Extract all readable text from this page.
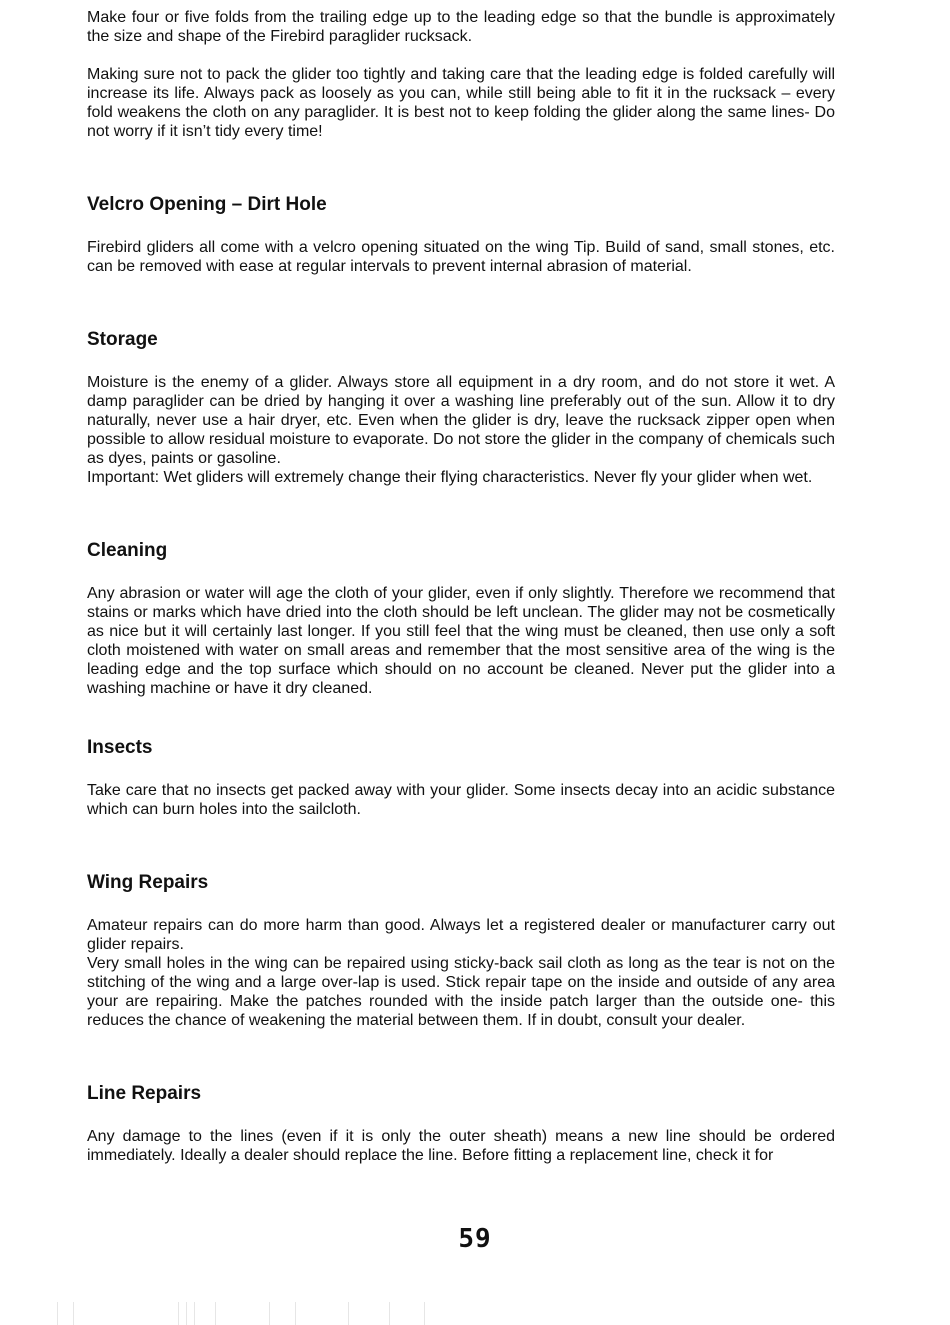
Make four or five folds from the trailing edge up to the leading edge so that the bundle is approximately the size and shape of the Firebird paraglider rucksack.

Making sure not to pack the glider too tightly and taking care that the leading edge is folded carefully will increase its life. Always pack as loosely as you can, while still being able to fit it in the rucksack – every fold weakens the cloth on any paraglider. It is best not to keep folding the glider along the same lines- Do not worry if it isn’t tidy every time!

Velcro Opening – Dirt Hole

Firebird gliders all come with a velcro opening situated on the wing Tip. Build of sand, small stones, etc. can be removed with ease at regular intervals to prevent internal abrasion of material.

Storage

Moisture is the enemy of a glider. Always store all equipment in a dry room, and do not store it wet. A damp paraglider can be dried by hanging it over a washing line preferably out of the sun. Allow it to dry naturally, never use a hair dryer, etc. Even when the glider is dry, leave the rucksack zipper open when possible to allow residual moisture to evaporate. Do not store the glider in the company of chemicals such as dyes, paints or gasoline.

Important: Wet gliders will extremely change their flying characteristics. Never fly your glider when wet.

Cleaning

Any abrasion or water will age the cloth of your glider, even if only slightly. Therefore we recommend that stains or marks which have dried into the cloth should be left unclean. The glider may not be cosmetically as nice but it will certainly last longer. If you still feel that the wing must be cleaned, then use only a soft cloth moistened with water on small areas and remember that the most sensitive area of the wing is the leading edge and the top surface which should on no account be cleaned. Never put the glider into a washing machine or have it dry cleaned.

Insects

Take care that no insects get packed away with your glider. Some insects decay into an acidic substance which can burn holes into the sailcloth.

Wing Repairs

Amateur repairs can do more harm than good. Always let a registered dealer or manufacturer carry out glider repairs.

Very small holes in the wing can be repaired using sticky-back sail cloth as long as the tear is not on the stitching of the wing and a large over-lap is used. Stick repair tape on the inside and outside of any area your are repairing. Make the patches rounded with the inside patch larger than the outside one- this reduces the chance of weakening the material between them. If in doubt, consult your dealer.

Line Repairs

Any damage to the lines (even if it is only the outer sheath) means a new line should be ordered immediately. Ideally a dealer should replace the line. Before fitting a replacement line, check it for

59
